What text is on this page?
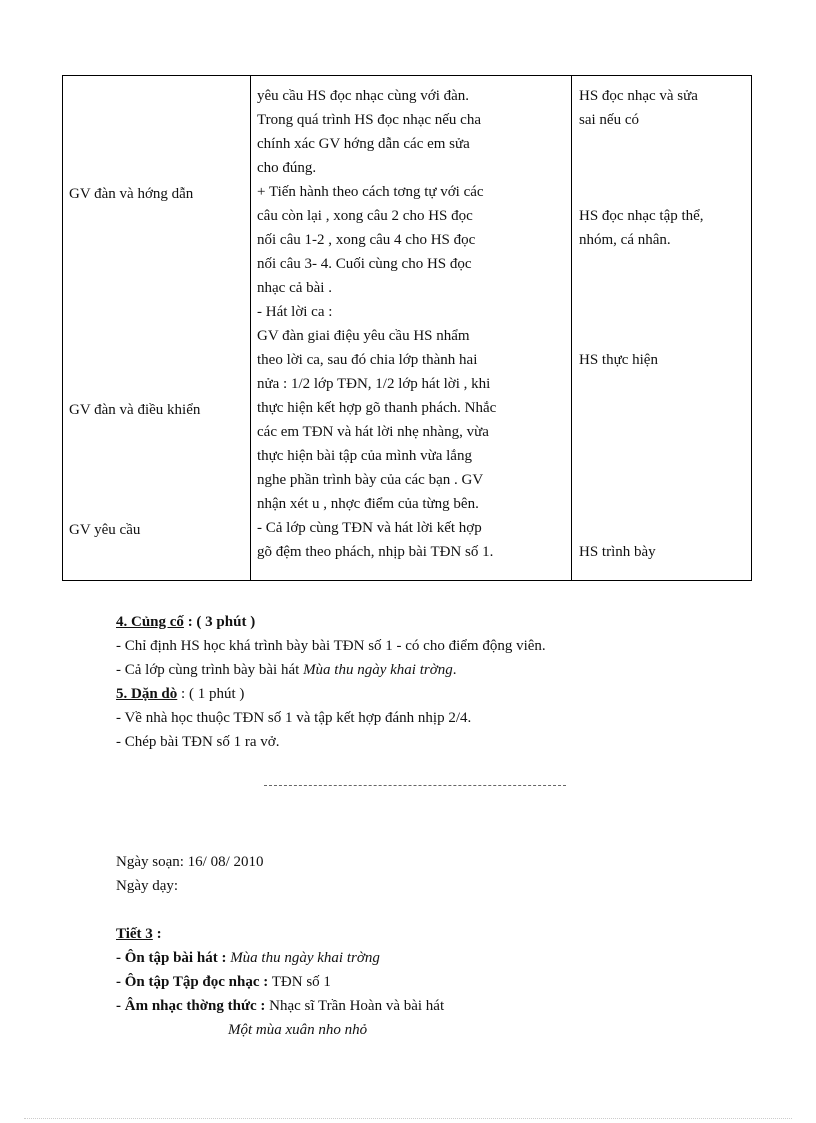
GV đàn và hớng dẫn
GV đàn và điều khiển
GV yêu cầu
yêu cầu HS đọc nhạc cùng với đàn.
Trong quá trình HS đọc nhạc nếu cha
chính xác GV hớng dẫn các em sửa
cho đúng.
+ Tiến hành theo cách tơng tự với các
câu còn lại , xong câu 2 cho HS đọc
nối câu 1-2 , xong câu 4 cho HS đọc
nối câu 3- 4. Cuối cùng cho HS đọc
nhạc cả bài .
- Hát lời ca :
GV đàn giai điệu yêu cầu HS nhẩm
theo lời ca, sau đó chia lớp thành hai
nửa : 1/2 lớp TĐN, 1/2 lớp hát lời , khi
thực hiện kết hợp gõ thanh phách. Nhắc
các em TĐN và hát lời nhẹ nhàng, vừa
thực hiện bài tập của mình vừa lắng
nghe phần trình bày của các bạn . GV
nhận xét u , nhợc điểm của từng bên.
- Cả lớp cùng TĐN và hát lời kết hợp
gõ đệm theo phách, nhịp bài TĐN số 1.
HS đọc nhạc và sửa
sai nếu có
HS đọc nhạc tập thể,
nhóm, cá nhân.
HS thực hiện
HS trình bày
4. Củng cố : ( 3 phút )
- Chỉ định HS học khá trình bày bài TĐN số 1 - có cho điểm động viên.
- Cả lớp cùng trình bày bài hát Mùa thu ngày khai trờng.
5. Dặn dò : ( 1 phút )
- Về nhà học thuộc TĐN số 1 và tập kết hợp đánh nhịp 2/4.
- Chép bài TĐN số 1 ra vở.
Ngày soạn: 16/ 08/ 2010
Ngày dạy:
Tiết 3 :
- Ôn tập bài hát : Mùa thu ngày khai trờng
- Ôn tập Tập đọc nhạc : TĐN số 1
- Âm nhạc thờng thức : Nhạc sĩ Trần Hoàn và bài hát
Một mùa xuân nho nhỏ
